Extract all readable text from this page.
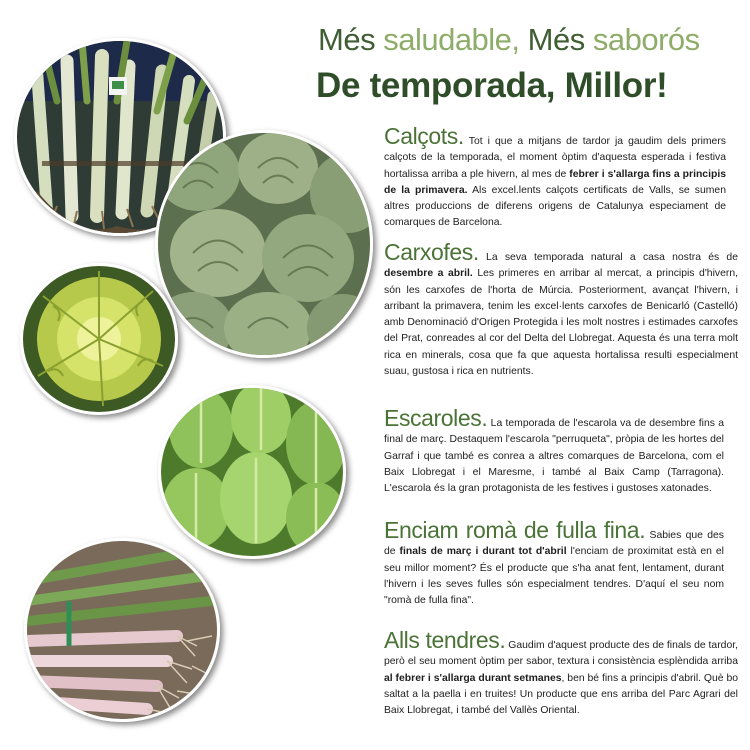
Més saludable, Més saborós
De temporada, Millor!

Calçots. Tot i que a mitjans de tardor ja gaudim dels primers calçots de la temporada, el moment òptim d'aquesta esperada i festiva hortalissa arriba a ple hivern, al mes de febrer i s'allarga fins a principis de la primavera. Als excel.lents calçots certificats de Valls, se sumen altres produccions de diferens origens de Catalunya especiament de comarques de Barcelona.

Carxofes. La seva temporada natural a casa nostra és de desembre a abril. Les primeres en arribar al mercat, a principis d'hivern, són les carxofes de l'horta de Múrcia. Posteriorment, avançat l'hivern, i arribant la primavera, tenim les excel·lents carxofes de Benicarló (Castelló) amb Denominació d'Origen Protegida i les molt nostres i estimades carxofes del Prat, conreades al cor del Delta del Llobregat. Aquesta és una terra molt rica en minerals, cosa que fa que aquesta hortalissa resulti especialment suau, gustosa i rica en nutrients.

Escaroles. La temporada de l'escarola va de desembre fins a final de març. Destaquem l'escarola "perruqueta", pròpia de les hortes del Garraf i que també es conrea a altres comarques de Barcelona, com el Baix Llobregat i el Maresme, i també al Baix Camp (Tarragona). L'escarola és la gran protagonista de les festives i gustoses xatonades.

Enciam romà de fulla fina. Sabies que des de finals de març i durant tot d'abril l'enciam de proximitat està en el seu millor moment? És el producte que s'ha anat fent, lentament, durant l'hivern i les seves fulles són especialment tendres. D'aquí el seu nom "romà de fulla fina".

Alls tendres. Gaudim d'aquest producte des de finals de tardor, però el seu moment òptim per sabor, textura i consistència esplèndida arriba al febrer i s'allarga durant setmanes, ben bé fins a principis d'abril. Què bo saltat a la paella i en truites! Un producte que ens arriba del Parc Agrari del Baix Llobregat, i també del Vallès Oriental.
